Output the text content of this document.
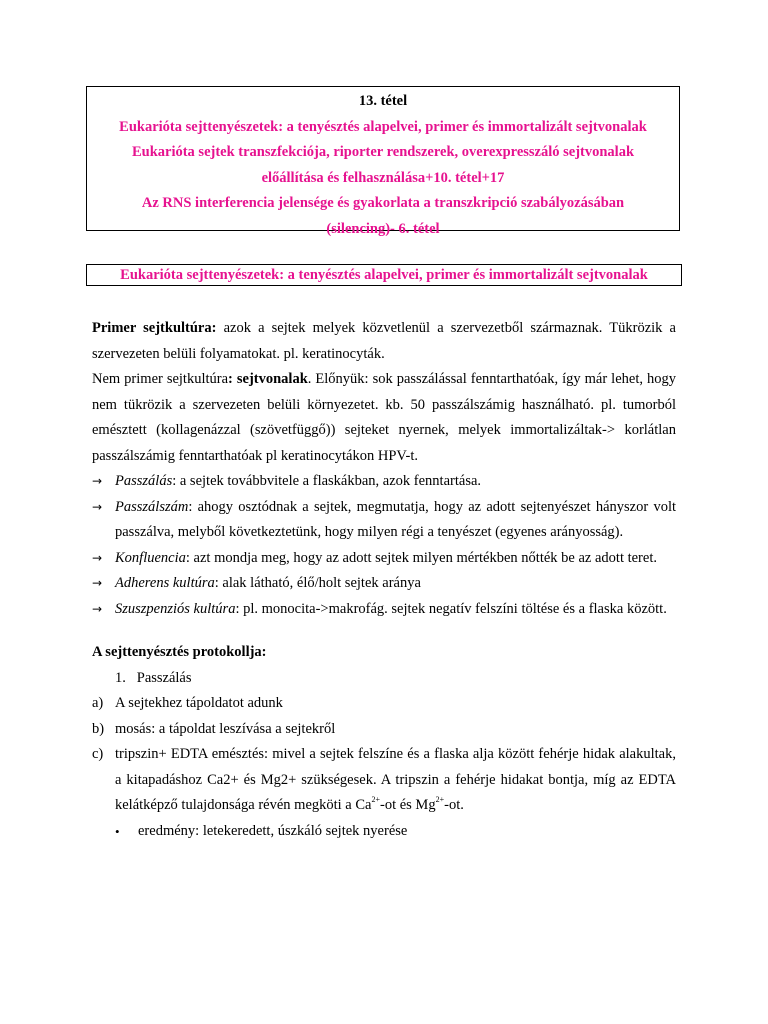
13. tétel
Eukarióta sejttenyészetek: a tenyésztés alapelvei, primer és immortalizált sejtvonalak
Eukarióta sejtek transzfekciója, riporter rendszerek, overexpresszáló sejtvonalak
előállítása és felhasználása+10. tétel+17
Az RNS interferencia jelensége és gyakorlata a transzkripció szabályozásában
(silencing)- 6. tétel
Eukarióta sejttenyészetek: a tenyésztés alapelvei, primer és immortalizált sejtvonalak
Primer sejtkultúra: azok a sejtek melyek közvetlenül a szervezetből származnak. Tükrözik a szervezeten belüli folyamatokat. pl. keratinocyták.
Nem primer sejtkultúra: sejtvonalak. Előnyük: sok passzálással fenntarthatóak, így már lehet, hogy nem tükrözik a szervezeten belüli környezetet. kb. 50 passzálszámig használható. pl. tumorból emésztett (kollagenázzal (szövetfüggő)) sejteket nyernek, melyek immortalizáltak-> korlátlan passzálszámig fenntarthatóak pl keratinocytákon HPV-t.
→ Passzálás: a sejtek továbbvitele a flaskákban, azok fenntartása.
→ Passzálszám: ahogy osztódnak a sejtek, megmutatja, hogy az adott sejtenyészet hányszor volt passzálva, melyből következtetünk, hogy milyen régi a tenyészet (egyenes arányosság).
→ Konfluencia: azt mondja meg, hogy az adott sejtek milyen mértékben nőtték be az adott teret.
→ Adherens kultúra: alak látható, élő/holt sejtek aránya
→ Szuszpenziós kultúra: pl. monocita->makrofág. sejtek negatív felszíni töltése és a flaska között.
A sejttenyésztés protokollja:
1.   Passzálás
a) A sejtekhez tápoldatot adunk
b) mosás: a tápoldat leszívása a sejtekről
c) tripszin+ EDTA emésztés: mivel a sejtek felszíne és a flaska alja között fehérje hidak alakultak, a kitapadáshoz Ca2+ és Mg2+ szükségesek. A tripszin a fehérje hidakat bontja, míg az EDTA kelátképző tulajdonsága révén megköti a $Ca^{2+}-ot$ és $Mg^{2+}-ot$.
• eredmény: letekeredett, úszkáló sejtek nyerése
